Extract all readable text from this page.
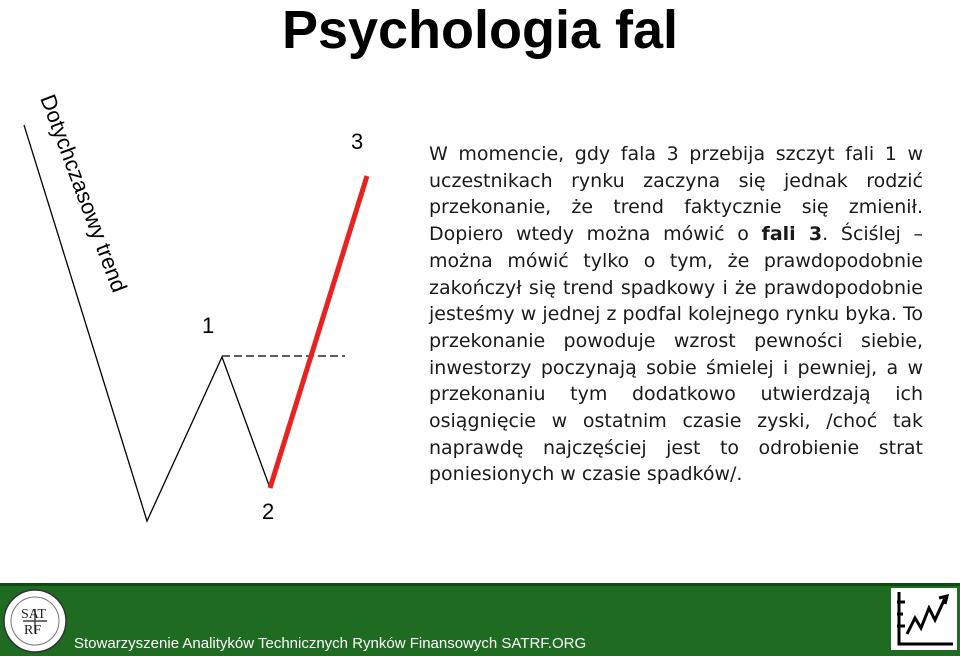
Psychologia fal
Dotychczasowy trend
1
2
3	W momencie, gdy fala 3 przebija szczyt fali 1 w uczestnikach rynku zaczyna się jednak rodzić przekonanie, że trend faktycznie się zmienił. Dopiero wtedy można mówić o fali 3. Ściślej – można mówić tylko o tym, że prawdopodobnie zakończył się trend spadkowy i że prawdopodobnie jesteśmy w jednej z podfal kolejnego rynku byka. To przekonanie powoduje wzrost pewności siebie, inwestorzy poczynają sobie śmielej i pewniej, a w przekonaniu tym dodatkowo utwierdzają ich osiągnięcie w ostatnim czasie zyski, /choć tak naprawdę najczęściej jest to odrobienie strat poniesionych w czasie spadków/.

Stowarzyszenie Analityków Technicznych Rynków Finansowych SATRF.ORG
SAT
RF
